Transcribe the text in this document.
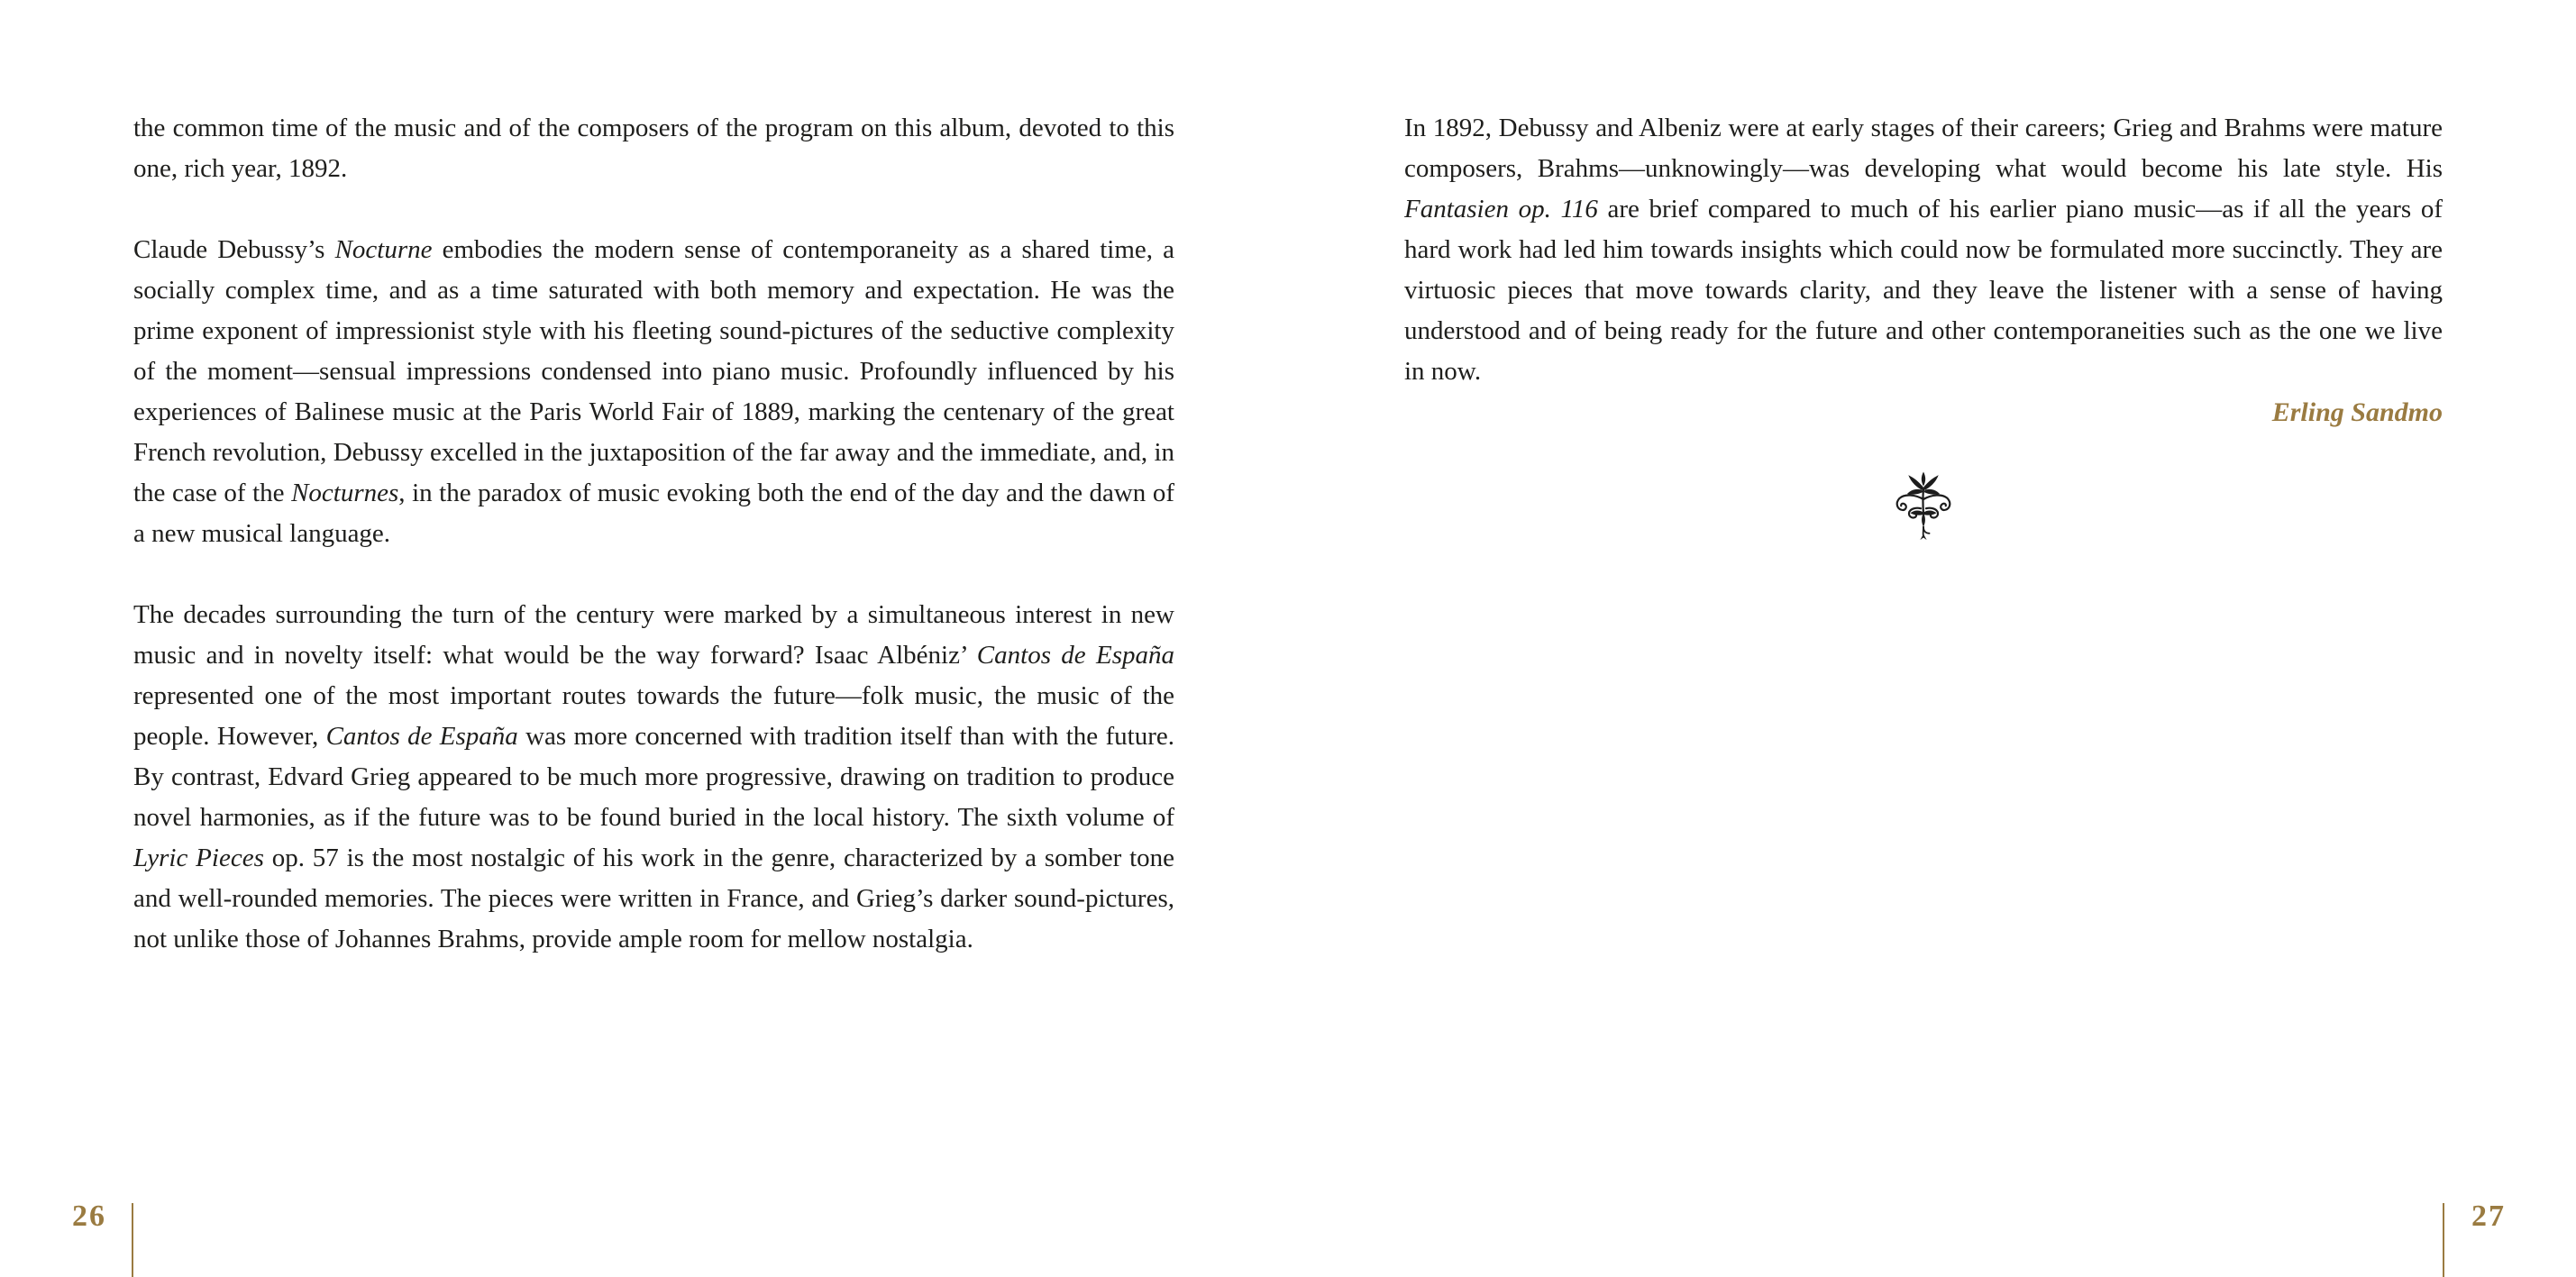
the common time of the music and of the composers of the program on this album, devoted to this one, rich year, 1892.

Claude Debussy’s Nocturne embodies the modern sense of contemporaneity as a shared time, a socially complex time, and as a time saturated with both memory and expectation. He was the prime exponent of impressionist style with his fleeting sound-pictures of the seductive complexity of the moment—sensual impressions condensed into piano music. Profoundly influenced by his experiences of Balinese music at the Paris World Fair of 1889, marking the centenary of the great French revolution, Debussy excelled in the juxtaposition of the far away and the immediate, and, in the case of the Nocturnes, in the paradox of music evoking both the end of the day and the dawn of a new musical language.

The decades surrounding the turn of the century were marked by a simultaneous interest in new music and in novelty itself: what would be the way forward? Isaac Albéniz’ Cantos de España represented one of the most important routes towards the future—folk music, the music of the people. However, Cantos de España was more concerned with tradition itself than with the future. By contrast, Edvard Grieg appeared to be much more progressive, drawing on tradition to produce novel harmonies, as if the future was to be found buried in the local history. The sixth volume of Lyric Pieces op. 57 is the most nostalgic of his work in the genre, characterized by a somber tone and well-rounded memories. The pieces were written in France, and Grieg’s darker sound-pictures, not unlike those of Johannes Brahms, provide ample room for mellow nostalgia.

26

In 1892, Debussy and Albeniz were at early stages of their careers; Grieg and Brahms were mature composers, Brahms—unknowingly—was developing what would become his late style. His Fantasien op. 116 are brief compared to much of his earlier piano music—as if all the years of hard work had led him towards insights which could now be formulated more succinctly. They are virtuosic pieces that move towards clarity, and they leave the listener with a sense of having understood and of being ready for the future and other contemporaneities such as the one we live in now.

Erling Sandmo
27
